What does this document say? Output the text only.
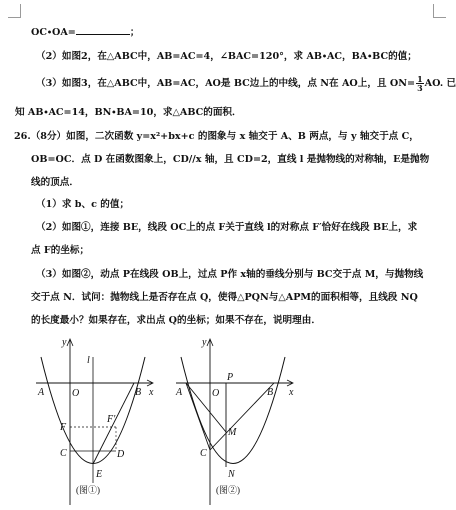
OC∙OA=	；
（2）如图2，在△ABC中，AB=AC=4，∠BAC=120°，求 AB∙AC，BA∙BC的值；
（3）如图3，在△ABC中，AB=AC，AO是 BC边上的中线，点 N在 AO上，且 $ON= \frac{1}{3}$ AO. 已
知 AB∙AC=14，BN∙BA=10，求△ABC的面积．
26.（8分）如图，二次函数 y=x²+bx+c 的图象与 x 轴交于 A、B 两点，与 y 轴交于点 C，
OB=OC．点 D 在函数图象上，CD//x 轴，且 CD=2，直线 l 是抛物线的对称轴，E是抛物
线的顶点．
（1）求 b、c 的值；
（2）如图①，连接 BE，线段 OC上的点 F关于直线 l的对称点 F′恰好在线段 BE上，求
点 F的坐标；
（3）如图②，动点 P在线段 OB上，过点 P作 x轴的垂线分别与 BC交于点 M，与抛物线
交于点 N．试问：抛物线上是否存在点 Q，使得△PQN与△APM的面积相等，且线段 NQ
的长度最小？如果存在，求出点 Q的坐标；如果不存在，说明理由．
y
x
l
A	O	B
F
F′
C	D
E
(图①)
y
x
A	O
P
B
M
C
N
(图②)
